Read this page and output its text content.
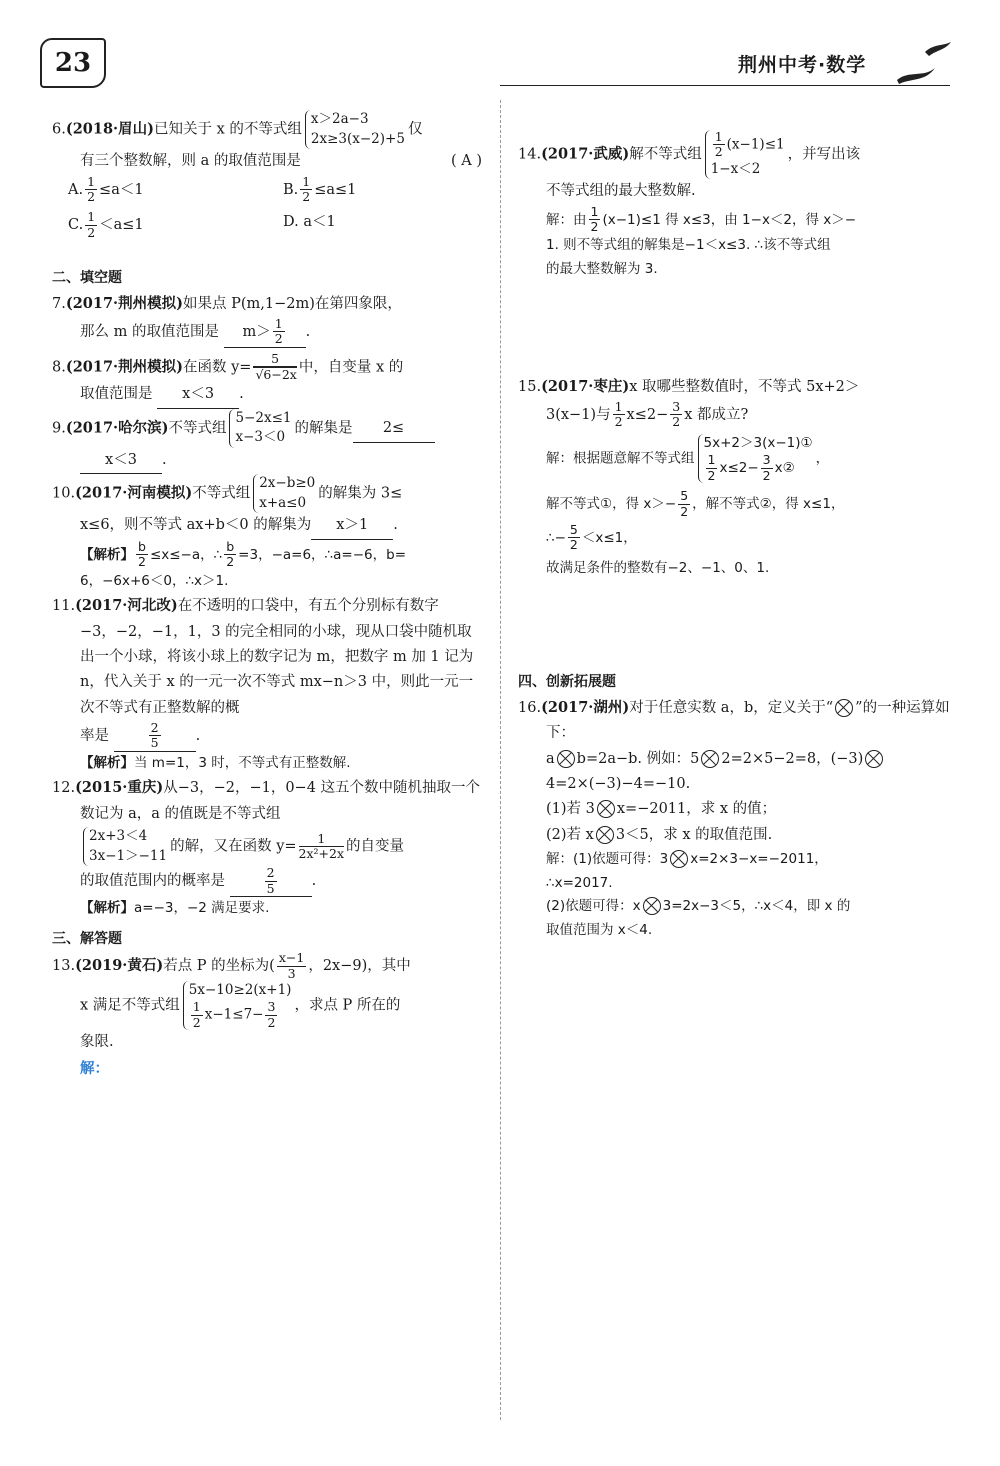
23	荆州中考·数学

6.(2018·眉山)已知关于 x 的不等式组
x＞2a−3
2x≥3(x−2)+5
仅

有三个整数解，则 a 的取值范围是	( A )

A. $\frac{1}{2} \le a<1$	B. $\frac{1}{2} \le a\le 1$
C. $\frac{1}{2} <a\le 1$	D. a＜1

二、填空题

7.(2017·荆州模拟)如果点 P(m,1−2m)在第四象限，

那么 m 的取值范围是 $m> \frac{1}{2}$ .

8.(2017·荆州模拟)在函数 $y= \frac{5}{√6-2x}$ 中，自变量 x 的

取值范围是 x＜3 .

9.(2017·哈尔滨)不等式组
5−2x≤1
x−3＜0
的解集是 2≤

x＜3 .

10.(2017·河南模拟)不等式组
2x−b≥0
x+a≤0
的解集为 3≤

x≤6，则不等式 ax+b＜0 的解集为 x＞1 .

【解析】 $\frac{b}{2} \le x\le-a$，∴ $\frac{b}{2} =3$，−a=6，∴a=−6，b=

6，−6x+6＜0，∴x＞1.

11.(2017·河北改)在不透明的口袋中，有五个分别标有数字−3，−2，−1，1，3 的完全相同的小球，现从口袋中随机取出一个小球，将该小球上的数字记为 m，把数字 m 加 1 记为 n，代入关于 x 的一元一次不等式 mx−n＞3 中，则此一元一次不等式有正整数解的概

率是	$\frac{2}{5}$ .

【解析】当 m=1，3 时，不等式有正整数解.

12.(2015·重庆)从−3，−2，−1，0−4 这五个数中随机抽取一个数记为 a，a 的值既是不等式组

2x+3＜4
3x−1＞−11
的解，又在函数 $y= \frac{1}{\text{2x²+2x}}$ 的自变量

的取值范围内的概率是	$\frac{2}{5}$ .

【解析】a=−3，−2 满足要求.

三、解答题

13.(2019·黄石)若点 P 的坐标为( $\frac{x-1}{3}$ ，2x−9)，其中

x 满足不等式组
5x−10≥2(x+1)
$\frac{1}{2} x-1\le 7- \frac{3}{2}$ ，求点 P 所在的

象限.

解：

14.(2017·武威)解不等式组 $\frac{1}{2} (x-1)\le 1$
1−x＜2
，并写出该

不等式组的最大整数解.

解：由 $\frac{1}{2} (x-1)\le 1$ 得 x≤3，由 1−x＜2，得 x＞−

1. 则不等式组的解集是−1＜x≤3. ∴该不等式组

的最大整数解为 3.

15.(2017·枣庄)x 取哪些整数值时，不等式 5x+2＞

3(x−1)与 $\frac{1}{2} x\le 2- \frac{3}{2}$ x 都成立?

解：根据题意解不等式组
5x+2＞3(x−1)①
$\frac{1}{2} x\le 2- \frac{3}{2}$ x②
，

解不等式①，得 $x>- \frac{5}{2}$ ，解不等式②，得 x≤1，

∴− $\frac{5}{2} <x\le 1$，

故满足条件的整数有−2、−1、0、1.

四、创新拓展题

16.(2017·湖州)对于任意实数 a，b，定义关于“ ”的一种运算如下：

a b=2a−b. 例如：5 2=2×5−2=8，(−3)

4=2×(−3)−4=−10.

(1)若 3 x=−2011，求 x 的值；

(2)若 x 3＜5，求 x 的取值范围.

解：(1)依题可得：3 x=2×3−x=−2011，

∴x=2017.

(2)依题可得：x 3=2x−3＜5，∴x＜4，即 x 的

取值范围为 x＜4.
